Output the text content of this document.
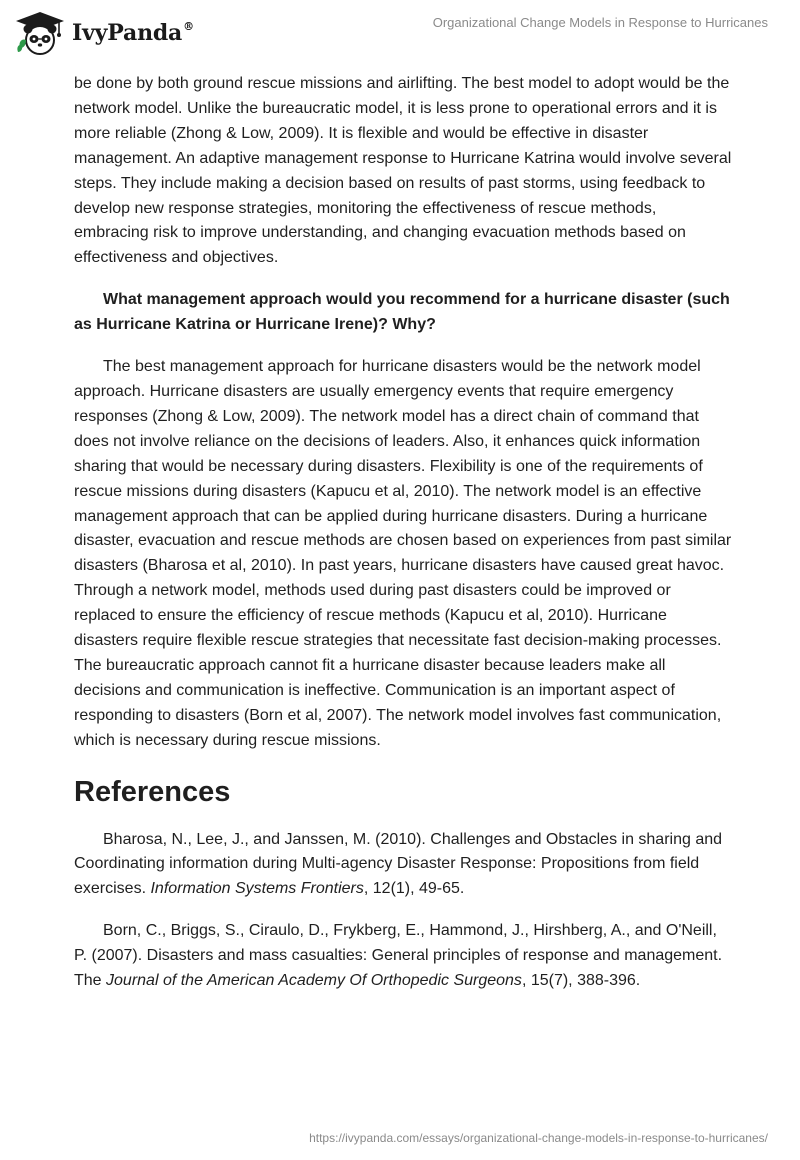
IvyPanda®	Organizational Change Models in Response to Hurricanes

be done by both ground rescue missions and airlifting. The best model to adopt would be the network model. Unlike the bureaucratic model, it is less prone to operational errors and it is more reliable (Zhong & Low, 2009). It is flexible and would be effective in disaster management. An adaptive management response to Hurricane Katrina would involve several steps. They include making a decision based on results of past storms, using feedback to develop new response strategies, monitoring the effectiveness of rescue methods, embracing risk to improve understanding, and changing evacuation methods based on effectiveness and objectives.

What management approach would you recommend for a hurricane disaster (such as Hurricane Katrina or Hurricane Irene)? Why?

The best management approach for hurricane disasters would be the network model approach. Hurricane disasters are usually emergency events that require emergency responses (Zhong & Low, 2009). The network model has a direct chain of command that does not involve reliance on the decisions of leaders. Also, it enhances quick information sharing that would be necessary during disasters. Flexibility is one of the requirements of rescue missions during disasters (Kapucu et al, 2010). The network model is an effective management approach that can be applied during hurricane disasters. During a hurricane disaster, evacuation and rescue methods are chosen based on experiences from past similar disasters (Bharosa et al, 2010). In past years, hurricane disasters have caused great havoc. Through a network model, methods used during past disasters could be improved or replaced to ensure the efficiency of rescue methods (Kapucu et al, 2010). Hurricane disasters require flexible rescue strategies that necessitate fast decision-making processes. The bureaucratic approach cannot fit a hurricane disaster because leaders make all decisions and communication is ineffective. Communication is an important aspect of responding to disasters (Born et al, 2007). The network model involves fast communication, which is necessary during rescue missions.

References

Bharosa, N., Lee, J., and Janssen, M. (2010). Challenges and Obstacles in sharing and Coordinating information during Multi-agency Disaster Response: Propositions from field exercises. Information Systems Frontiers, 12(1), 49-65.

Born, C., Briggs, S., Ciraulo, D., Frykberg, E., Hammond, J., Hirshberg, A., and O'Neill, P. (2007). Disasters and mass casualties: General principles of response and management. The Journal of the American Academy Of Orthopedic Surgeons, 15(7), 388-396.

https://ivypanda.com/essays/organizational-change-models-in-response-to-hurricanes/
